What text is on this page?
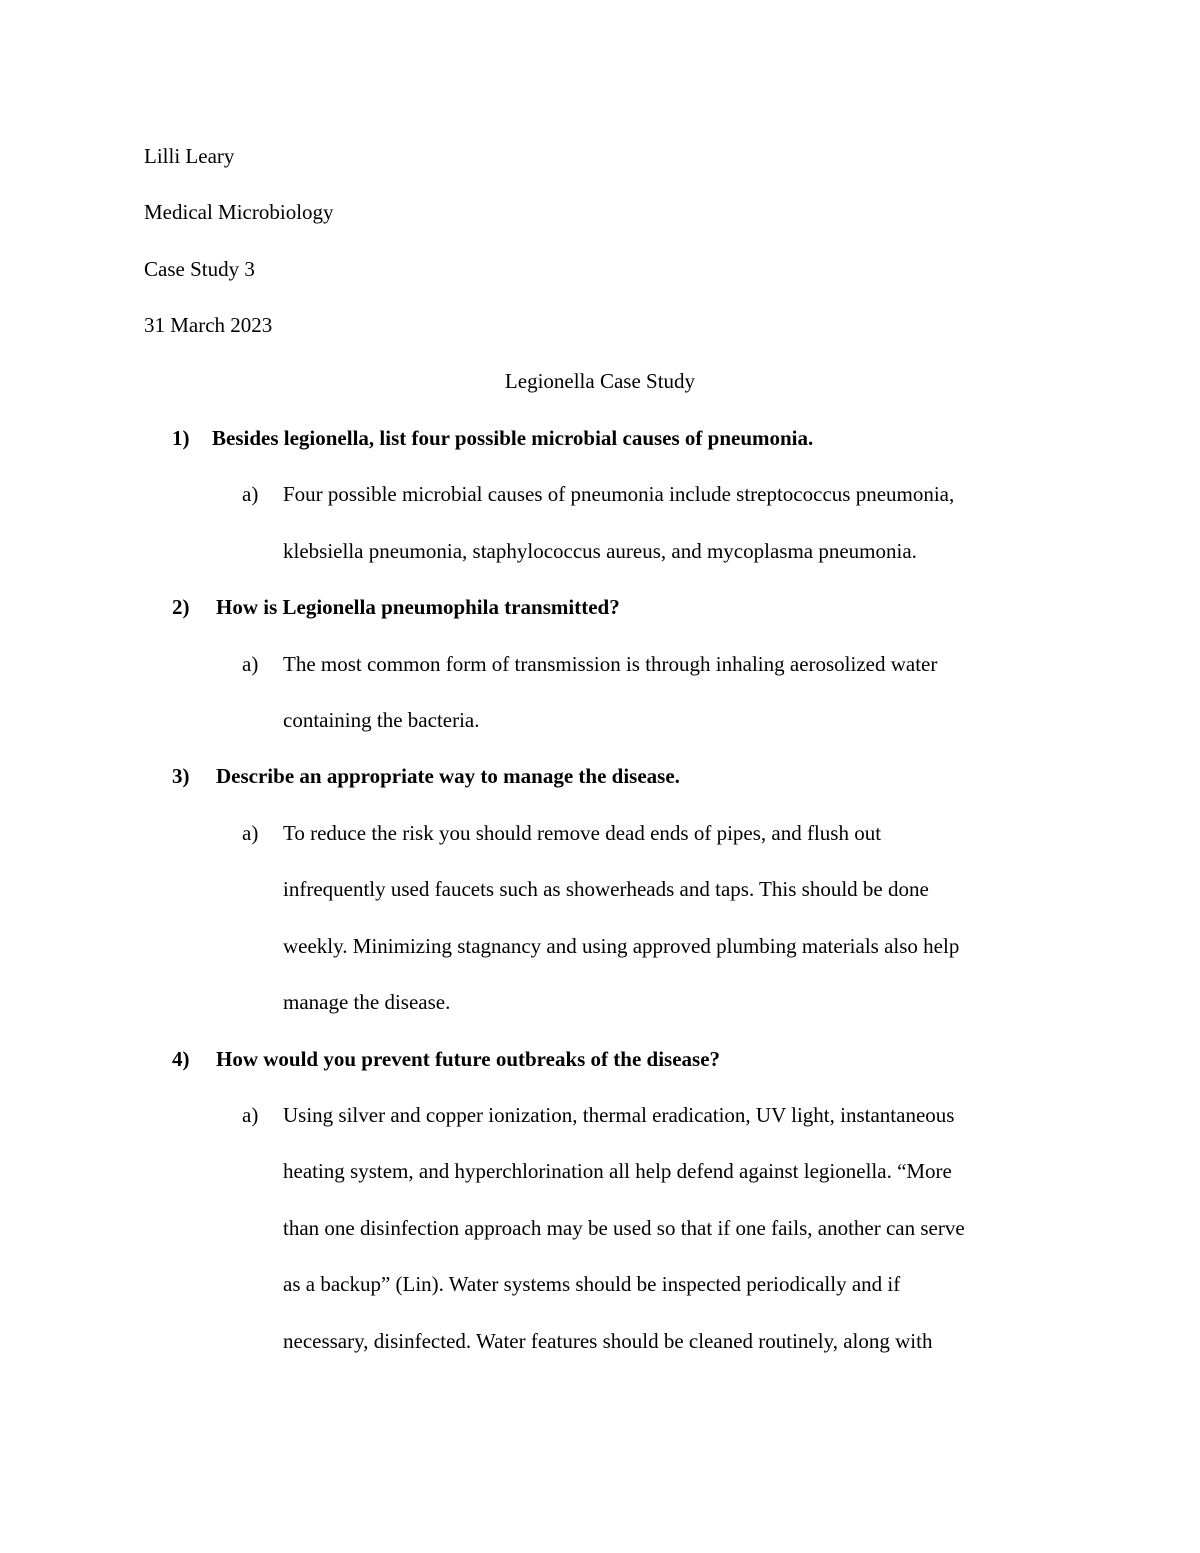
Lilli Leary
Medical Microbiology
Case Study 3
31 March 2023
Legionella Case Study
1) Besides legionella, list four possible microbial causes of pneumonia.
a) Four possible microbial causes of pneumonia include streptococcus pneumonia,
klebsiella pneumonia, staphylococcus aureus, and mycoplasma pneumonia.
2) How is Legionella pneumophila transmitted?
a) The most common form of transmission is through inhaling aerosolized water
containing the bacteria.
3) Describe an appropriate way to manage the disease.
a) To reduce the risk you should remove dead ends of pipes, and flush out
infrequently used faucets such as showerheads and taps. This should be done
weekly. Minimizing stagnancy and using approved plumbing materials also help
manage the disease.
4) How would you prevent future outbreaks of the disease?
a) Using silver and copper ionization, thermal eradication, UV light, instantaneous
heating system, and hyperchlorination all help defend against legionella. “More
than one disinfection approach may be used so that if one fails, another can serve
as a backup” (Lin). Water systems should be inspected periodically and if
necessary, disinfected. Water features should be cleaned routinely, along with
